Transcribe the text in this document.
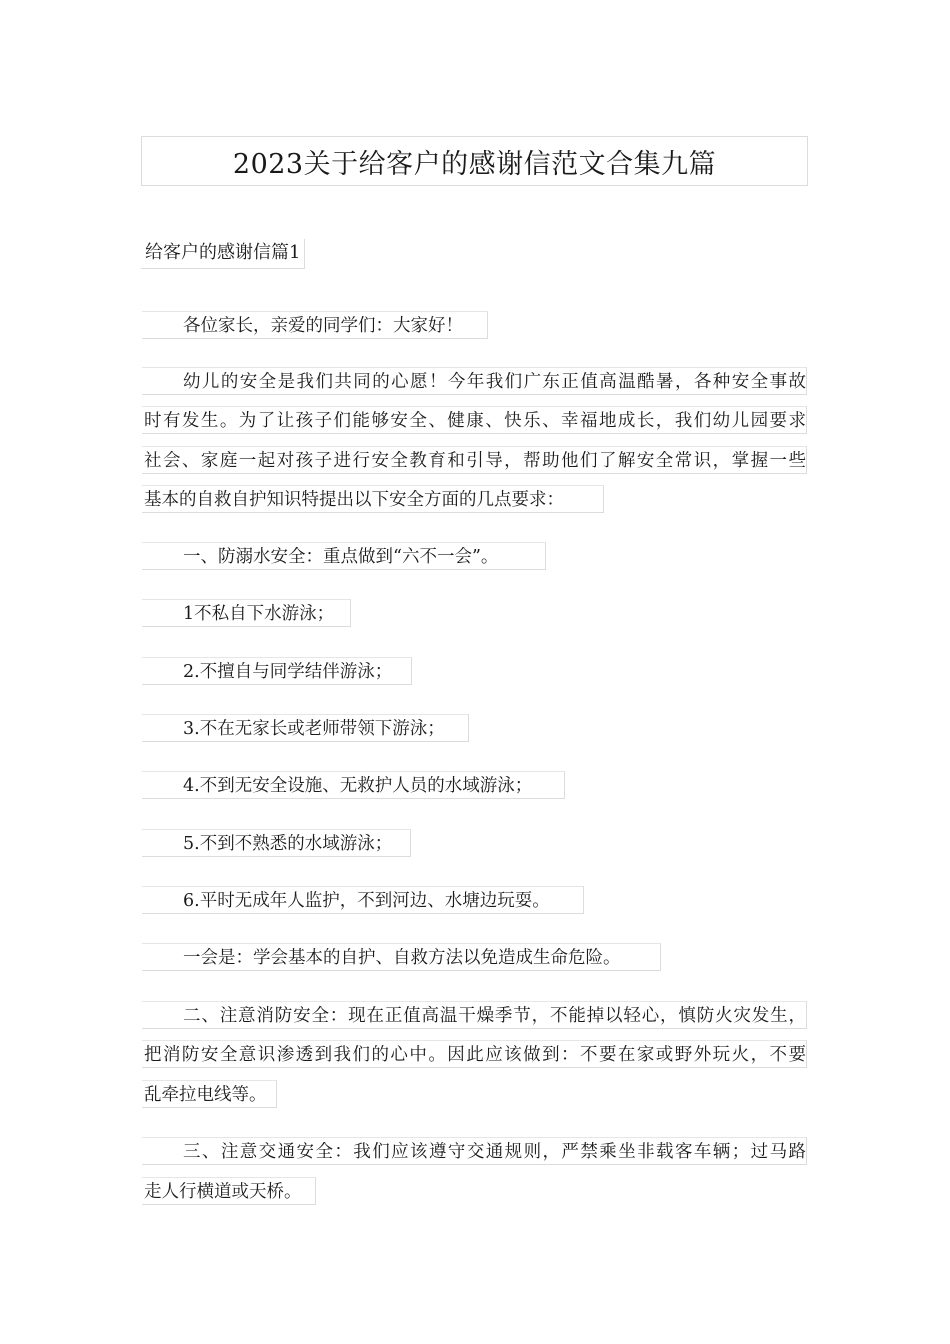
2023关于给客户的感谢信范文合集九篇
给客户的感谢信篇1
各位家长，亲爱的同学们：大家好！
幼儿的安全是我们共同的心愿！今年我们广东正值高温酷暑，各种安全事故
时有发生。为了让孩子们能够安全、健康、快乐、幸福地成长，我们幼儿园要求
社会、家庭一起对孩子进行安全教育和引导，帮助他们了解安全常识，掌握一些
基本的自救自护知识特提出以下安全方面的几点要求：
一、防溺水安全：重点做到“六不一会”。
1不私自下水游泳；
2.不擅自与同学结伴游泳；
3.不在无家长或老师带领下游泳；
4.不到无安全设施、无救护人员的水域游泳；
5.不到不熟悉的水域游泳；
6.平时无成年人监护，不到河边、水塘边玩耍。
一会是：学会基本的自护、自救方法以免造成生命危险。
二、注意消防安全：现在正值高温干燥季节，不能掉以轻心，慎防火灾发生，
把消防安全意识渗透到我们的心中。因此应该做到：不要在家或野外玩火，不要
乱牵拉电线等。
三、注意交通安全：我们应该遵守交通规则，严禁乘坐非载客车辆；过马路
走人行横道或天桥。
